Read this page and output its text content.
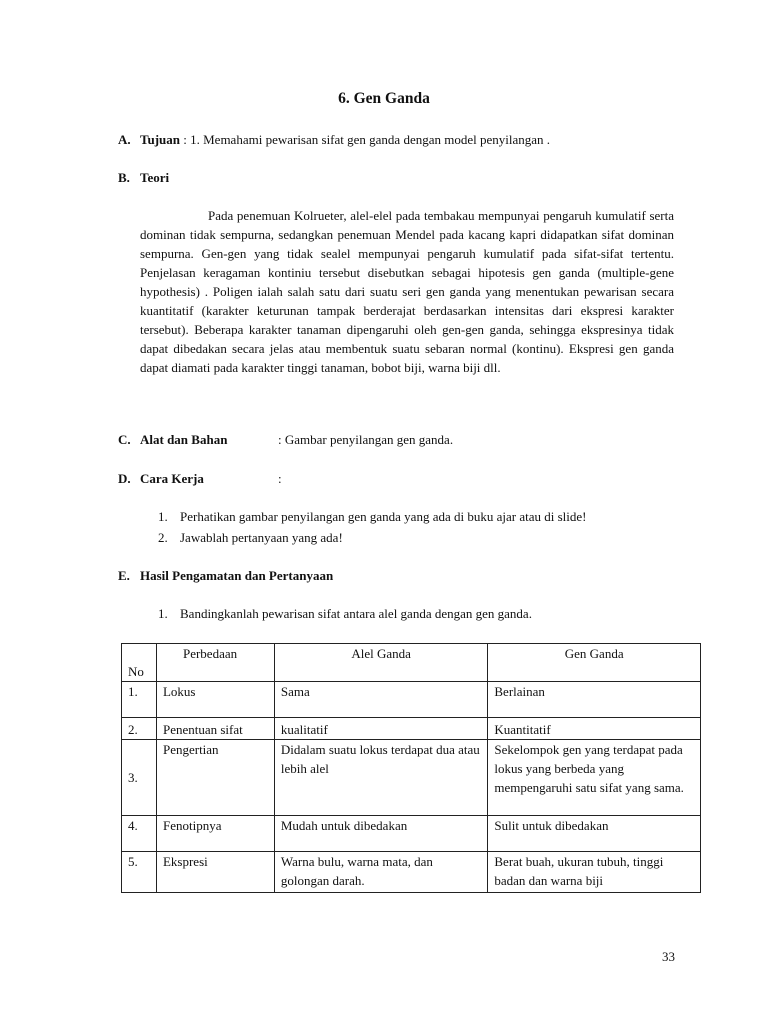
6. Gen Ganda
A. Tujuan : 1. Memahami pewarisan sifat gen ganda dengan model penyilangan .
B. Teori
Pada penemuan Kolrueter, alel-elel pada tembakau mempunyai pengaruh kumulatif serta dominan tidak sempurna, sedangkan penemuan Mendel pada kacang kapri didapatkan sifat dominan sempurna. Gen-gen yang tidak sealel mempunyai pengaruh kumulatif pada sifat-sifat tertentu. Penjelasan keragaman kontiniu tersebut disebutkan sebagai hipotesis gen ganda (multiple-gene hypothesis) . Poligen ialah salah satu dari suatu seri gen ganda yang menentukan pewarisan secara kuantitatif (karakter keturunan tampak berderajat berdasarkan intensitas dari ekspresi karakter tersebut). Beberapa karakter tanaman dipengaruhi oleh gen-gen ganda, sehingga ekspresinya tidak dapat dibedakan secara jelas atau membentuk suatu sebaran normal (kontinu). Ekspresi gen ganda dapat diamati pada karakter tinggi tanaman, bobot biji, warna biji dll.
C. Alat dan Bahan	: Gambar penyilangan gen ganda.
D. Cara Kerja	:
1. Perhatikan gambar penyilangan gen ganda yang ada di buku ajar atau di slide!
2. Jawablah pertanyaan yang ada!
E. Hasil Pengamatan dan Pertanyaan
1. Bandingkanlah pewarisan sifat antara alel ganda dengan gen ganda.
No	Perbedaan	Alel Ganda	Gen Ganda
1.	Lokus	Sama	Berlainan
2.	Penentuan sifat	kualitatif	Kuantitatif
3.	Pengertian	Didalam suatu lokus terdapat dua atau lebih alel	Sekelompok gen yang terdapat pada lokus yang berbeda yang mempengaruhi satu sifat yang sama.
4.	Fenotipnya	Mudah untuk dibedakan	Sulit untuk dibedakan
5.	Ekspresi	Warna bulu, warna mata, dan golongan darah.	Berat buah, ukuran tubuh, tinggi badan dan warna biji
33
